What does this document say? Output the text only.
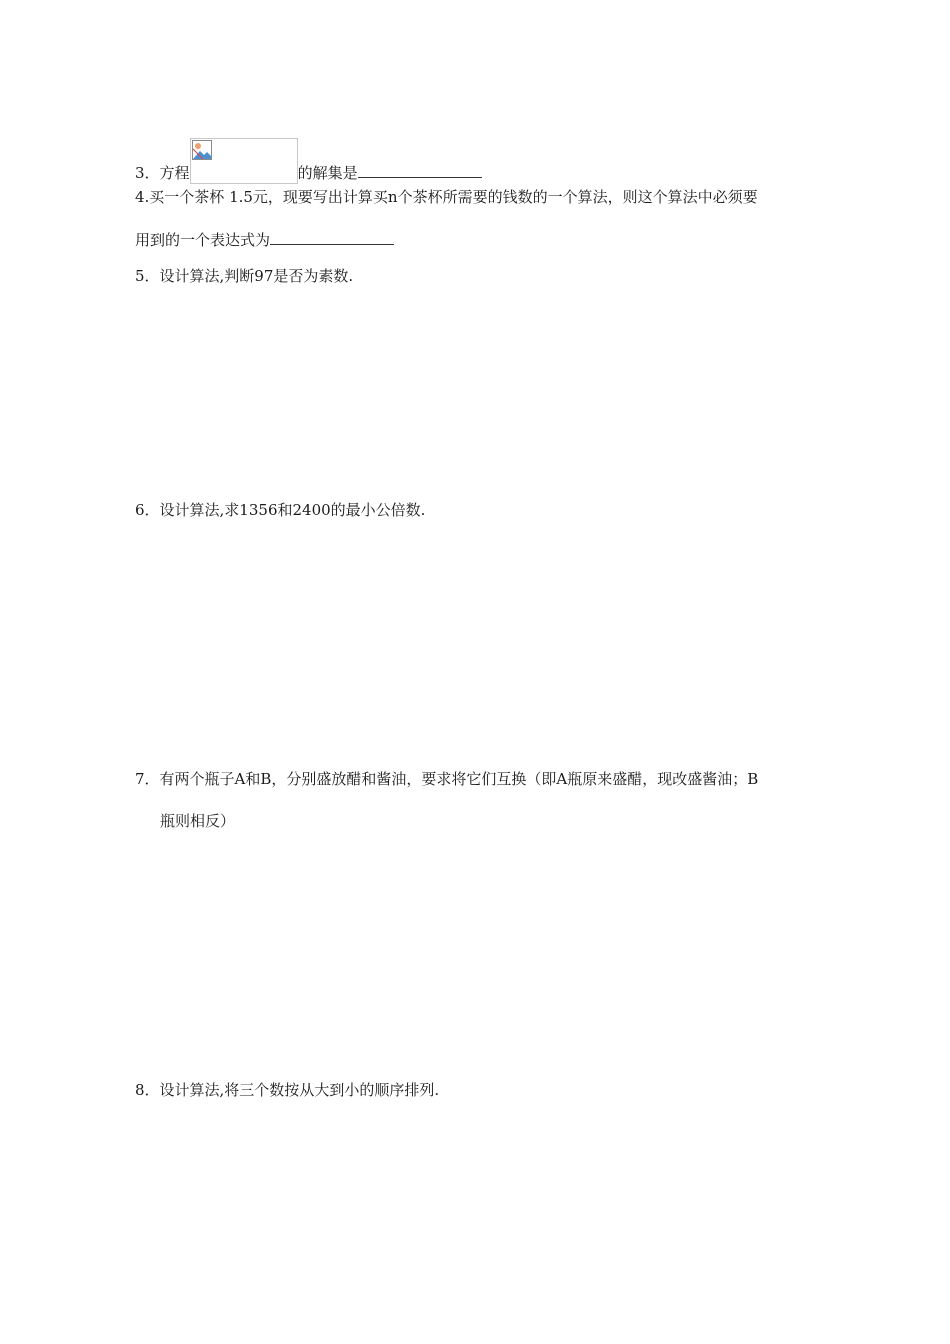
3．方程	的解集是
4.买一个茶杯 1.5元，现要写出计算买n个茶杯所需要的钱数的一个算法，则这个算法中必须要
用到的一个表达式为
5．设计算法,判断97是否为素数.
6．设计算法,求1356和2400的最小公倍数.
7．有两个瓶子A和B，分别盛放醋和酱油，要求将它们互换（即A瓶原来盛醋，现改盛酱油；B
瓶则相反）
8．设计算法,将三个数按从大到小的顺序排列.
